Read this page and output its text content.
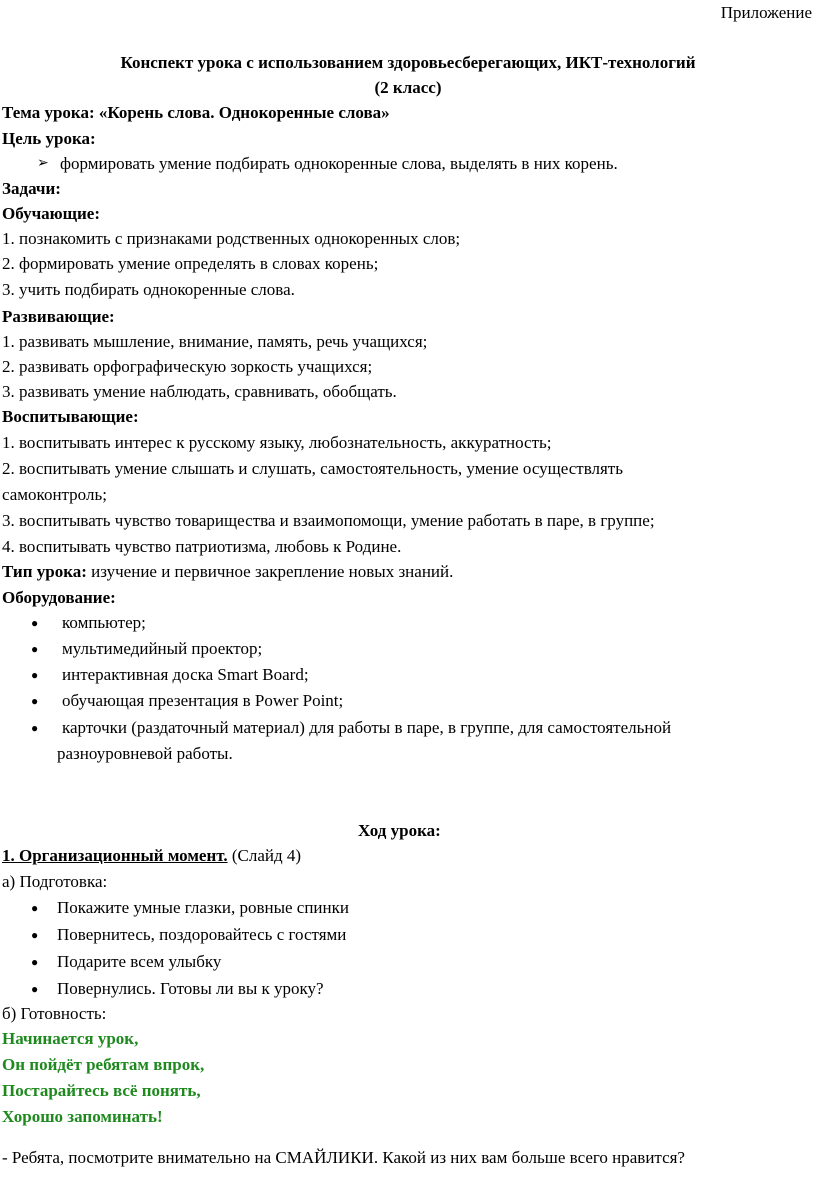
Приложение
Конспект урока с использованием здоровьесберегающих, ИКТ-технологий
(2 класс)
Тема урока: «Корень слова. Однокоренные слова»
Цель урока:
➢ формировать умение подбирать однокоренные слова, выделять в них корень.
Задачи:
Обучающие:
1. познакомить с признаками родственных однокоренных слов;
2. формировать умение определять в словах корень;
3. учить подбирать однокоренные слова.
Развивающие:
1. развивать мышление, внимание, память, речь учащихся;
2. развивать орфографическую зоркость учащихся;
3. развивать умение наблюдать, сравнивать, обобщать.
Воспитывающие:
1. воспитывать интерес к русскому языку, любознательность, аккуратность;
2. воспитывать умение слышать и слушать, самостоятельность, умение осуществлять
самоконтроль;
3. воспитывать чувство товарищества и взаимопомощи, умение работать в паре, в группе;
4. воспитывать чувство патриотизма, любовь к Родине.
Тип урока: изучение и первичное закрепление новых знаний.
Оборудование:
● компьютер;
● мультимедийный проектор;
● интерактивная доска Smart Board;
● обучающая презентация в Power Point;
● карточки (раздаточный материал) для работы в паре, в группе, для самостоятельной
разноуровневой работы.
Ход урока:
1. Организационный момент. (Слайд 4)
а) Подготовка:
● Покажите умные глазки, ровные спинки
● Повернитесь, поздоровайтесь с гостями
● Подарите всем улыбку
● Повернулись. Готовы ли вы к уроку?
б) Готовность:
Начинается урок,
Он пойдёт ребятам впрок,
Постарайтесь всё понять,
Хорошо запоминать!
- Ребята, посмотрите внимательно на СМАЙЛИКИ. Какой из них вам больше всего нравится?
